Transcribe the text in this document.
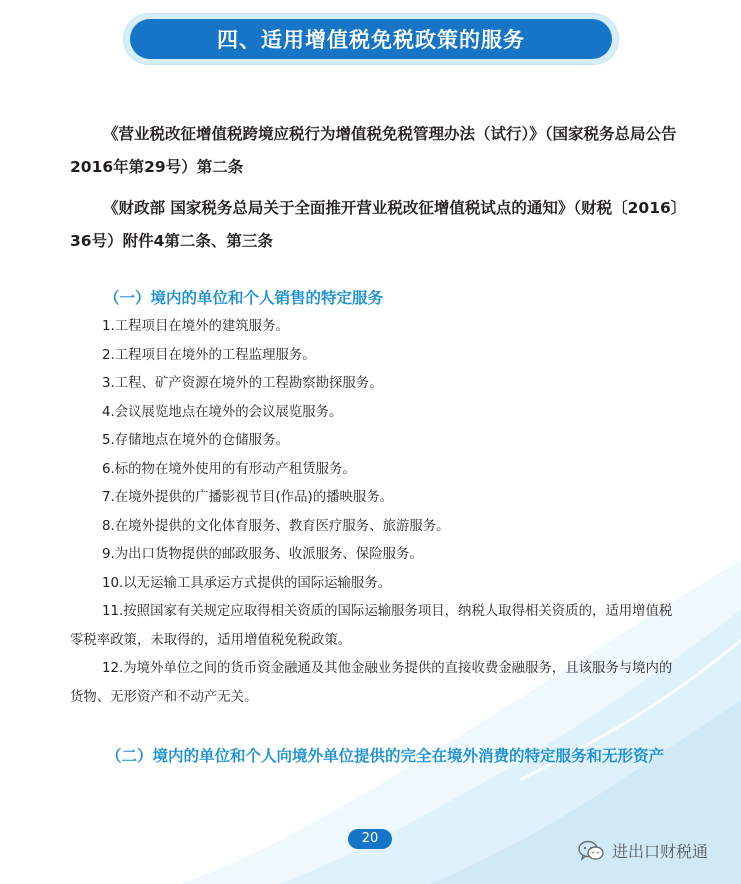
四、适用增值税免税政策的服务

《营业税改征增值税跨境应税行为增值税免税管理办法（试行）》（国家税务总局公告2016年第29号）第二条

《财政部 国家税务总局关于全面推开营业税改征增值税试点的通知》（财税〔2016〕36号）附件4第二条、第三条

（一）境内的单位和个人销售的特定服务
1.工程项目在境外的建筑服务。
2.工程项目在境外的工程监理服务。
3.工程、矿产资源在境外的工程勘察勘探服务。
4.会议展览地点在境外的会议展览服务。
5.存储地点在境外的仓储服务。
6.标的物在境外使用的有形动产租赁服务。
7.在境外提供的广播影视节目(作品)的播映服务。
8.在境外提供的文化体育服务、教育医疗服务、旅游服务。
9.为出口货物提供的邮政服务、收派服务、保险服务。
10.以无运输工具承运方式提供的国际运输服务。
11.按照国家有关规定应取得相关资质的国际运输服务项目，纳税人取得相关资质的，适用增值税零税率政策，未取得的，适用增值税免税政策。
12.为境外单位之间的货币资金融通及其他金融业务提供的直接收费金融服务，且该服务与境内的货物、无形资产和不动产无关。
（二）境内的单位和个人向境外单位提供的完全在境外消费的特定服务和无形资产
20
进出口财税通
